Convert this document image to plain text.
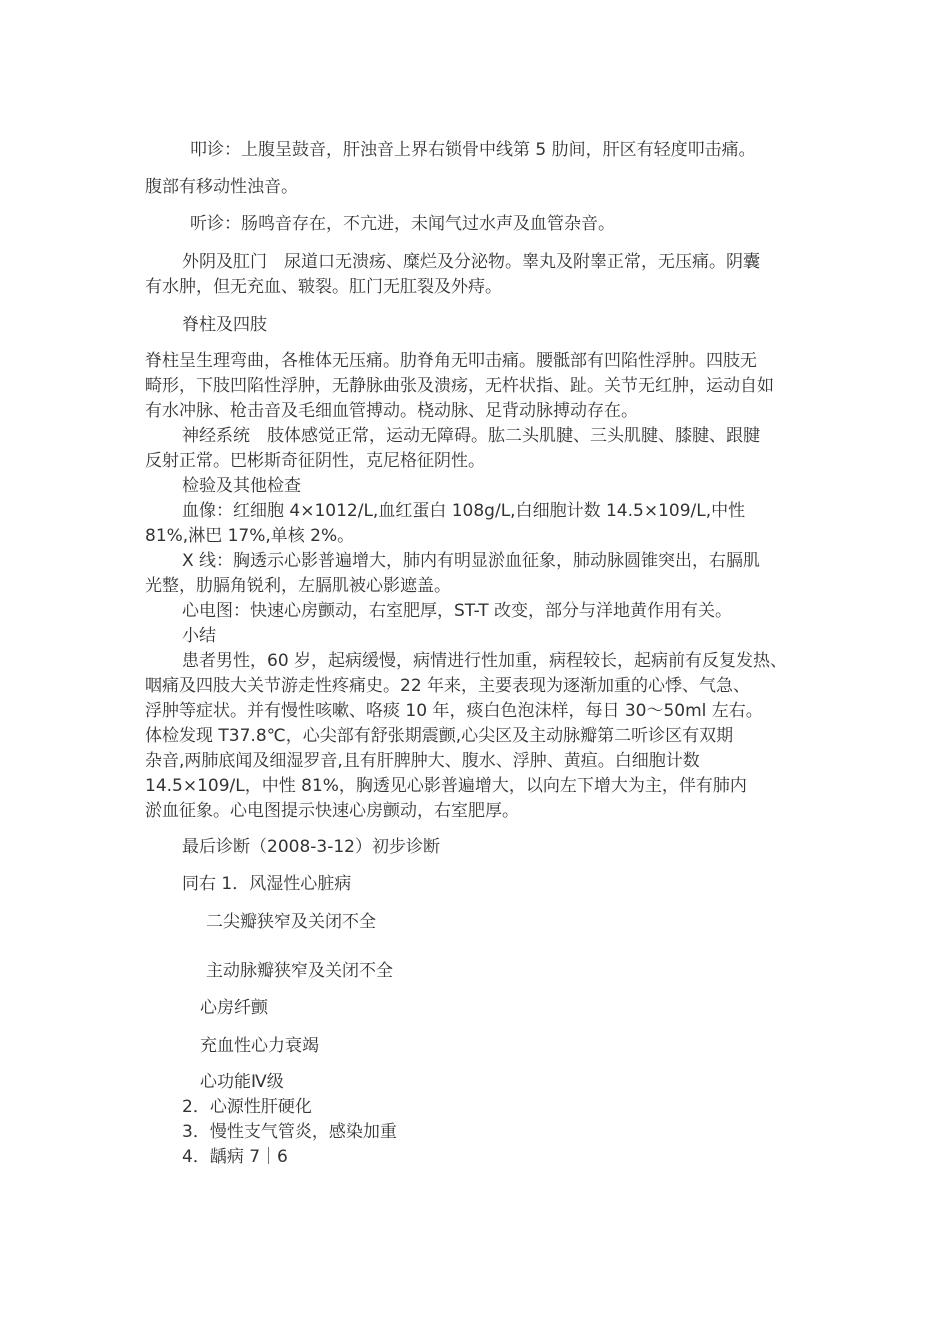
叩诊：上腹呈鼓音，肝浊音上界右锁骨中线第 5 肋间，肝区有轻度叩击痛。
腹部有移动性浊音。
听诊：肠鸣音存在，不亢进，未闻气过水声及血管杂音。
外阴及肛门　尿道口无溃疡、糜烂及分泌物。睾丸及附睾正常，无压痛。阴囊
有水肿，但无充血、皲裂。肛门无肛裂及外痔。
脊柱及四肢
脊柱呈生理弯曲，各椎体无压痛。肋脊角无叩击痛。腰骶部有凹陷性浮肿。四肢无
畸形，下肢凹陷性浮肿，无静脉曲张及溃疡，无杵状指、趾。关节无红肿，运动自如
有水冲脉、枪击音及毛细血管搏动。桡动脉、足背动脉搏动存在。
神经系统　肢体感觉正常，运动无障碍。肱二头肌腱、三头肌腱、膝腱、跟腱
反射正常。巴彬斯奇征阴性，克尼格征阴性。
检验及其他检查
血像：红细胞 4×1012/L,血红蛋白 108g/L,白细胞计数 14.5×109/L,中性
81%,淋巴 17%,单核 2%。
X 线：胸透示心影普遍增大，肺内有明显淤血征象，肺动脉圆锥突出，右膈肌
光整，肋膈角锐利，左膈肌被心影遮盖。
心电图：快速心房颤动，右室肥厚，ST-T 改变，部分与洋地黄作用有关。
小结
患者男性，60 岁，起病缓慢，病情进行性加重，病程较长，起病前有反复发热、
咽痛及四肢大关节游走性疼痛史。22 年来，主要表现为逐渐加重的心悸、气急、
浮肿等症状。并有慢性咳嗽、咯痰 10 年，痰白色泡沫样，每日 30～50ml 左右。
体检发现 T37.8℃，心尖部有舒张期震颤,心尖区及主动脉瓣第二听诊区有双期
杂音,两肺底闻及细湿罗音,且有肝脾肿大、腹水、浮肿、黄疸。白细胞计数
14.5×109/L，中性 81%，胸透见心影普遍增大，以向左下增大为主，伴有肺内
淤血征象。心电图提示快速心房颤动，右室肥厚。
最后诊断（2008-3-12）初步诊断
同右 1．风湿性心脏病
二尖瓣狭窄及关闭不全
主动脉瓣狭窄及关闭不全
心房纤颤
充血性心力衰竭
心功能Ⅳ级
2．心源性肝硬化
3．慢性支气管炎，感染加重
4．龋病 7｜6
